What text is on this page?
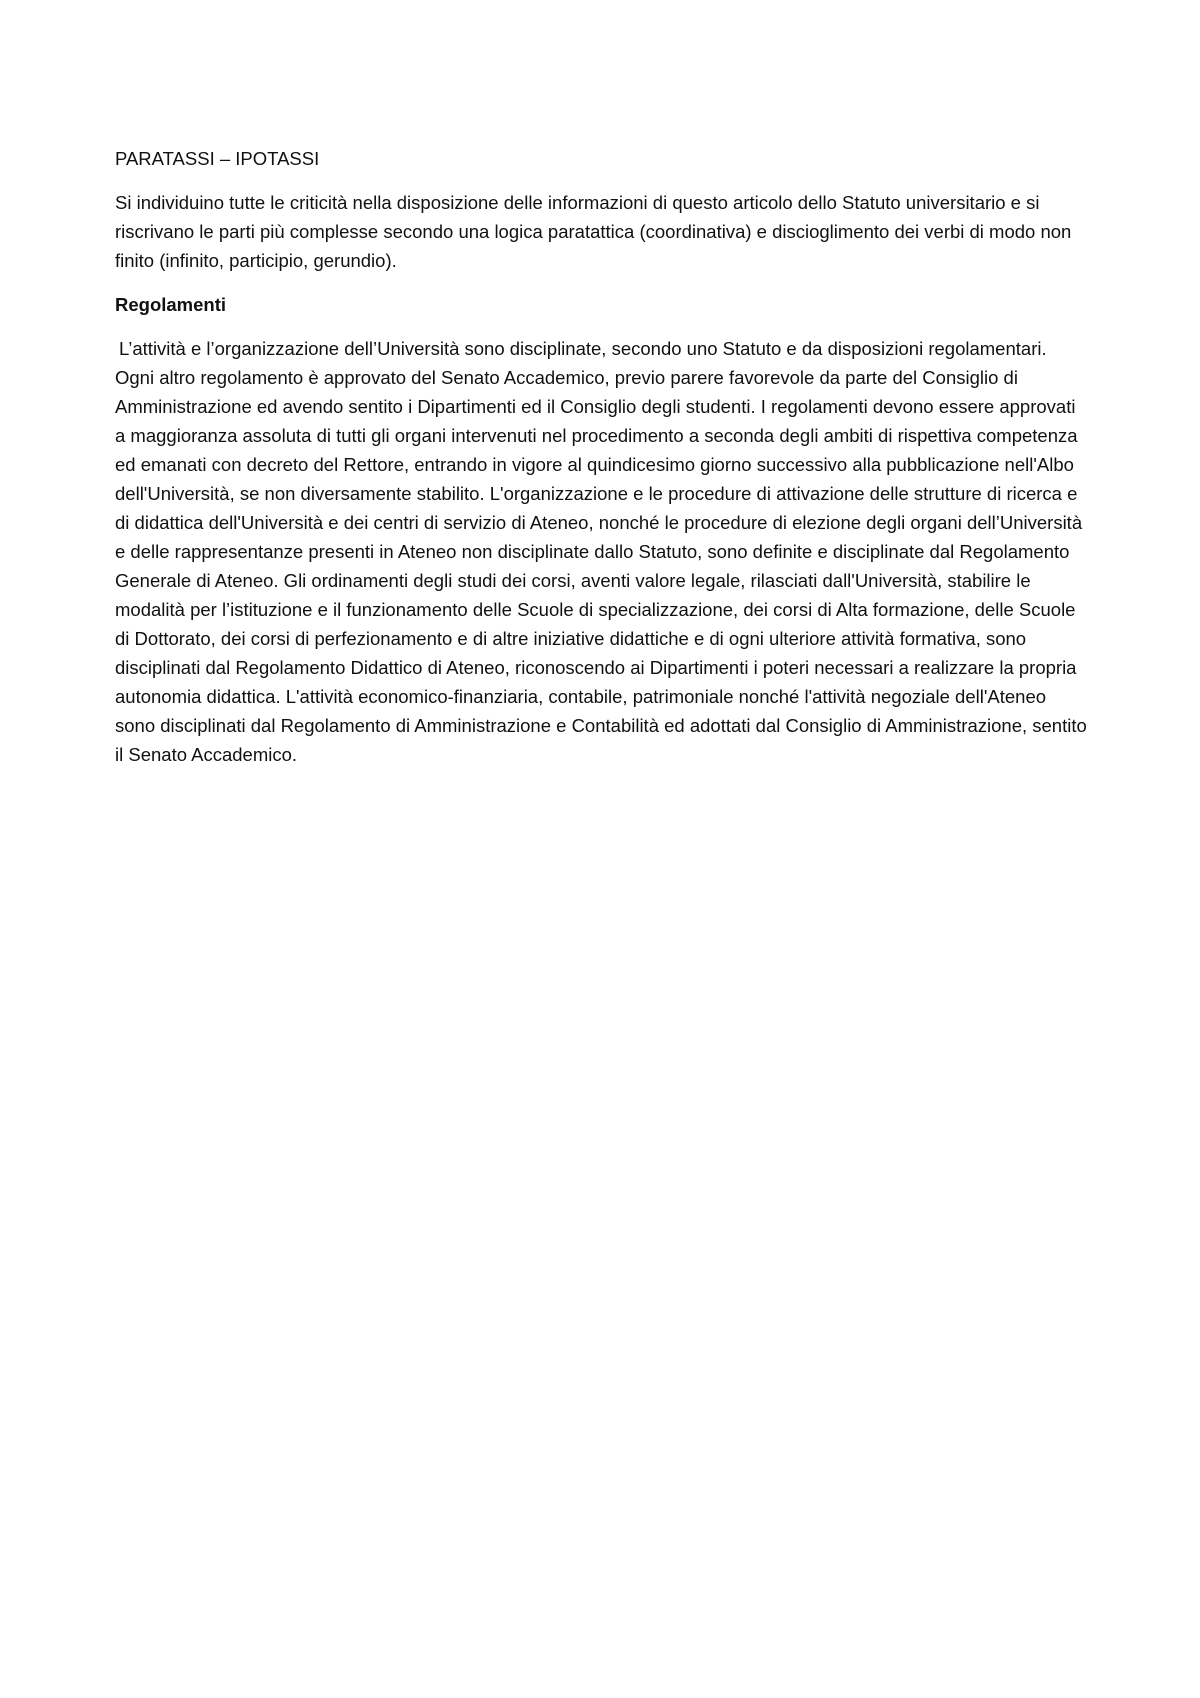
PARATASSI – IPOTASSI

Si individuino tutte le criticità nella disposizione delle informazioni di questo articolo dello Statuto universitario e si riscrivano le parti più complesse secondo una logica paratattica (coordinativa) e discioglimento dei verbi di modo non finito (infinito, participio, gerundio).

Regolamenti

L’attività e l’organizzazione dell’Università sono disciplinate, secondo uno Statuto e da disposizioni regolamentari. Ogni altro regolamento è approvato del Senato Accademico, previo parere favorevole da parte del Consiglio di Amministrazione ed avendo sentito i Dipartimenti ed il Consiglio degli studenti. I regolamenti devono essere approvati a maggioranza assoluta di tutti gli organi intervenuti nel procedimento a seconda degli ambiti di rispettiva competenza ed emanati con decreto del Rettore, entrando in vigore al quindicesimo giorno successivo alla pubblicazione nell'Albo dell'Università, se non diversamente stabilito. L'organizzazione e le procedure di attivazione delle strutture di ricerca e di didattica dell'Università e dei centri di servizio di Ateneo, nonché le procedure di elezione degli organi dell’Università e delle rappresentanze presenti in Ateneo non disciplinate dallo Statuto, sono definite e disciplinate dal Regolamento Generale di Ateneo. Gli ordinamenti degli studi dei corsi, aventi valore legale, rilasciati dall'Università, stabilire le modalità per l’istituzione e il funzionamento delle Scuole di specializzazione, dei corsi di Alta formazione, delle Scuole di Dottorato, dei corsi di perfezionamento e di altre iniziative didattiche e di ogni ulteriore attività formativa, sono disciplinati dal Regolamento Didattico di Ateneo, riconoscendo ai Dipartimenti i poteri necessari a realizzare la propria autonomia didattica. L'attività economico-finanziaria, contabile, patrimoniale nonché l'attività negoziale dell'Ateneo sono disciplinati dal Regolamento di Amministrazione e Contabilità ed adottati dal Consiglio di Amministrazione, sentito il Senato Accademico.
